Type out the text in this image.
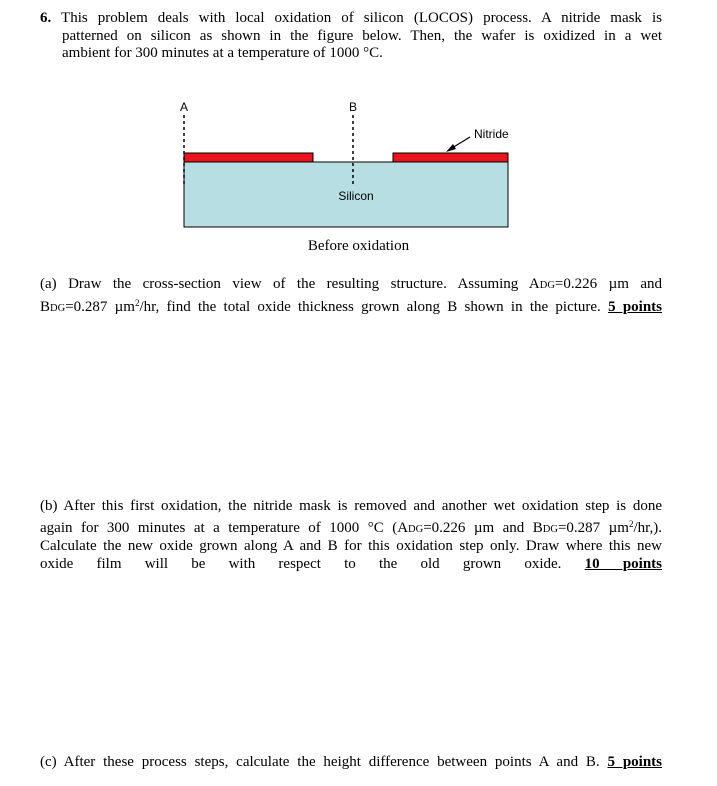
6. This problem deals with local oxidation of silicon (LOCOS) process. A nitride mask is
patterned on silicon as shown in the figure below. Then, the wafer is oxidized in a wet
ambient for 300 minutes at a temperature of 1000 °C.
A	B
Nitride
Silicon
Before oxidation
(a) Draw the cross-section view of the resulting structure. Assuming ADG=0.226 µm and
BDG=0.287 µm$^2$/hr, find the total oxide thickness grown along B shown in the picture. 5 points
(b) After this first oxidation, the nitride mask is removed and another wet oxidation step is done
again for 300 minutes at a temperature of 1000 °C (ADG=0.226 µm and BDG=0.287 µm$^2$/hr,).
Calculate the new oxide grown along A and B for this oxidation step only. Draw where this new
oxide film will be with respect to the old grown oxide. 10 points
(c) After these process steps, calculate the height difference between points A and B. 5 points
